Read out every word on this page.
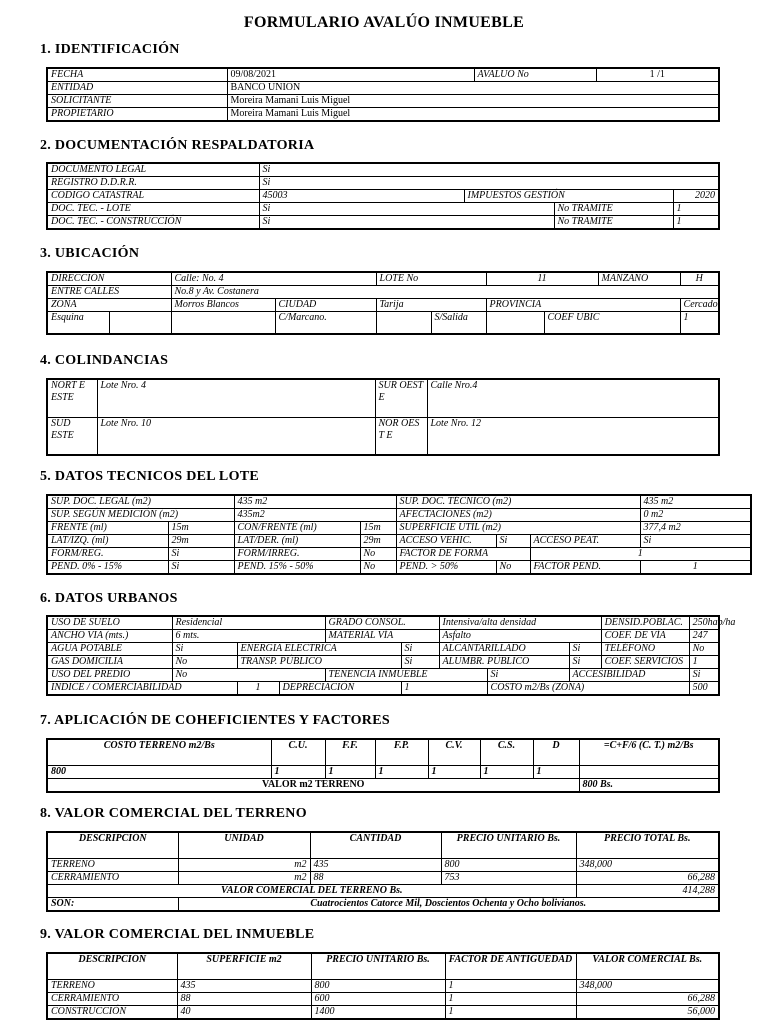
FORMULARIO AVALÚO INMUEBLE
1. IDENTIFICACIÓN
FECHA	09/08/2021	AVALUO No	1 /1
ENTIDAD	BANCO UNION		
SOLICITANTE	Moreira Mamani Luis Miguel		
PROPIETARIO	Moreira Mamani Luis Miguel		
2. DOCUMENTACIÓN RESPALDATORIA
DOCUMENTO LEGAL	Si			
REGISTRO D.D.R.R.	Si			
CODIGO CATASTRAL	45003	IMPUESTOS GESTIÓN		2020
DOC. TEC. - LOTE	Si		No TRAMITE	1
DOC. TEC. - CONSTRUCCIÓN	Si		No TRAMITE	1
3. UBICACIÓN
DIRECCIÓN		Calle: No. 4		LOTE No		11		MANZANO	H
ENTRE CALLES		No.8 y Av. Costanera							
ZONA		Morros Blancos	CIUDAD	Tarija		PROVINCIA			Cercado
Esquina			C/Marcano.		S/Salida		COEF UBIC		1
4. COLINDANCIAS
NORT E ESTE	Lote Nro. 4	SUR OEST E	Calle Nro.4
SUD ESTE	Lote Nro. 10	NOR OEST E	Lote Nro. 12
5. DATOS TECNICOS DEL LOTE
SUP. DOC. LEGAL (m2)		435 m2		SUP. DOC. TÉCNICO (m2)			435 m2
SUP. SEGÚN MEDICIÓN (m2)		435m2		AFECTACIONES (m2)			0 m2
FRENTE (ml)	15m	CON/FRENTE (ml)	15m	SUPERFICIE UTIL (m2)			377,4 m2
LAT/IZQ. (ml)	29m	LAT/DER. (ml)	29m	ACCESO VEHIC.	Si	ACCESO PEAT.	Si
FORM/REG.	Si	FORM/IRREG.	No	FACTOR DE FORMA		1	
PEND. 0% - 15%	Si	PEND. 15% - 50%	No	PEND. > 50%	No	FACTOR PEND.	1
6. DATOS URBANOS
USO DE SUELO	Residencial			GRADO CONSOL.		Intensiva/alta densidad			DENSID.POBLAC.	250hab/ha
ANCHO VIA (mts.)	6 mts.			MATERIAL VÍA		Asfalto			COEF. DE VÍA	247
AGUA POTABLE	Si	ENERGIA ELECTRICA			Si	ALCANTARILLADO		Si	TELÉFONO	No
GAS DOMICILIA	No	TRANSP. PÚBLICO			Si	ALUMBR. PÚBLICO		Si	COEF. SERVICIOS	1
USO DEL PREDIO	No			TENENCIA INMUEBLE			Si	ACCESIBILIDAD		Si
INDICE / COMERCIABILIDAD		1	DEPRECIACIÓN		1		COSTO m2/Bs (ZONA)			500
7. APLICACIÓN DE COHEFICIENTES Y FACTORES
COSTO TERRENO m2/Bs	C.U.	F.F.	F.P.	C.V.	C.S.	D	=C+F/6 (C. T.) m2/Bs
800	1	1	1	1	1	1	
VALOR m2 TERRENO							800 Bs.
8. VALOR COMERCIAL DEL TERRENO
DESCRIPCIÓN	UNIDAD	CANTIDAD	PRECIO UNITARIO Bs.	PRECIO TOTAL Bs.
TERRENO	m2	435	800	348,000
CERRAMIENTO	m2	88	753	66,288
VALOR COMERCIAL DEL TERRENO Bs.				414,288
SON:	Cuatrocientos Catorce Mil, Doscientos Ochenta y Ocho bolivianos.			
9. VALOR COMERCIAL DEL INMUEBLE
DESCRIPCIÓN	SUPERFICIE m2	PRECIO UNITARIO Bs.	FACTOR DE ANTIGUEDAD	VALOR COMERCIAL Bs.
TERRENO	435	800	1	348,000
CERRAMIENTO	88	600	1	66,288
CONSTRUCCIÓN	40	1400	1	56,000
